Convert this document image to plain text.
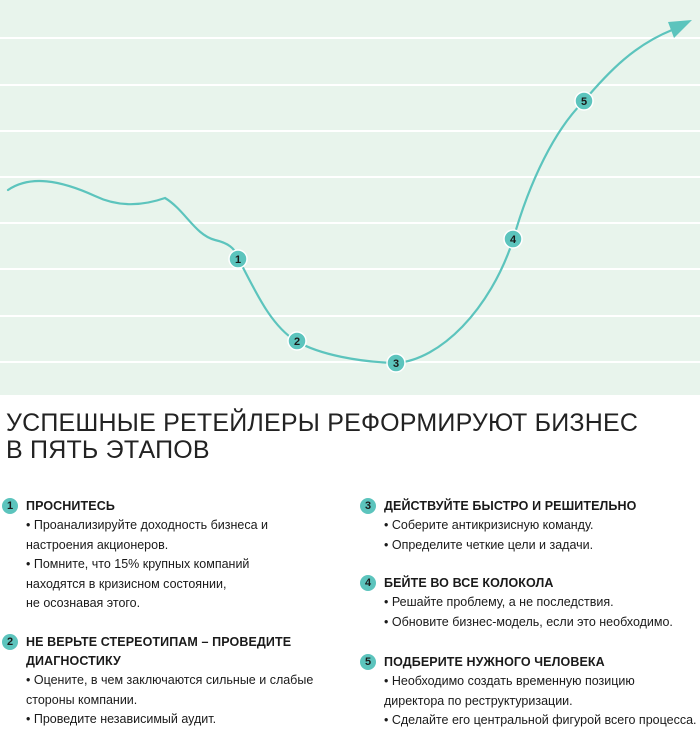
1
2
3
4
5
УСПЕШНЫЕ РЕТЕЙЛЕРЫ РЕФОРМИРУЮТ БИЗНЕС
В ПЯТЬ ЭТАПОВ
1	ПРОСНИТЕСЬ
• Проанализируйте доходность бизнеса и
настроения акционеров.
• Помните, что 15% крупных компаний
находятся в кризисном состоянии,
не осознавая этого.
2	НЕ ВЕРЬТЕ СТЕРЕОТИПАМ – ПРОВЕДИТЕ
ДИАГНОСТИКУ
• Оцените, в чем заключаются сильные и слабые
стороны компании.
• Проведите независимый аудит.
3	ДЕЙСТВУЙТЕ БЫСТРО И РЕШИТЕЛЬНО
• Соберите антикризисную команду.
• Определите четкие цели и задачи.
4	БЕЙТЕ ВО ВСЕ КОЛОКОЛА
• Решайте проблему, а не последствия.
• Обновите бизнес-модель, если это необходимо.
5	ПОДБЕРИТЕ НУЖНОГО ЧЕЛОВЕКА
• Необходимо создать временную позицию
директора по реструктуризации.
• Сделайте его центральной фигурой всего процесса.
